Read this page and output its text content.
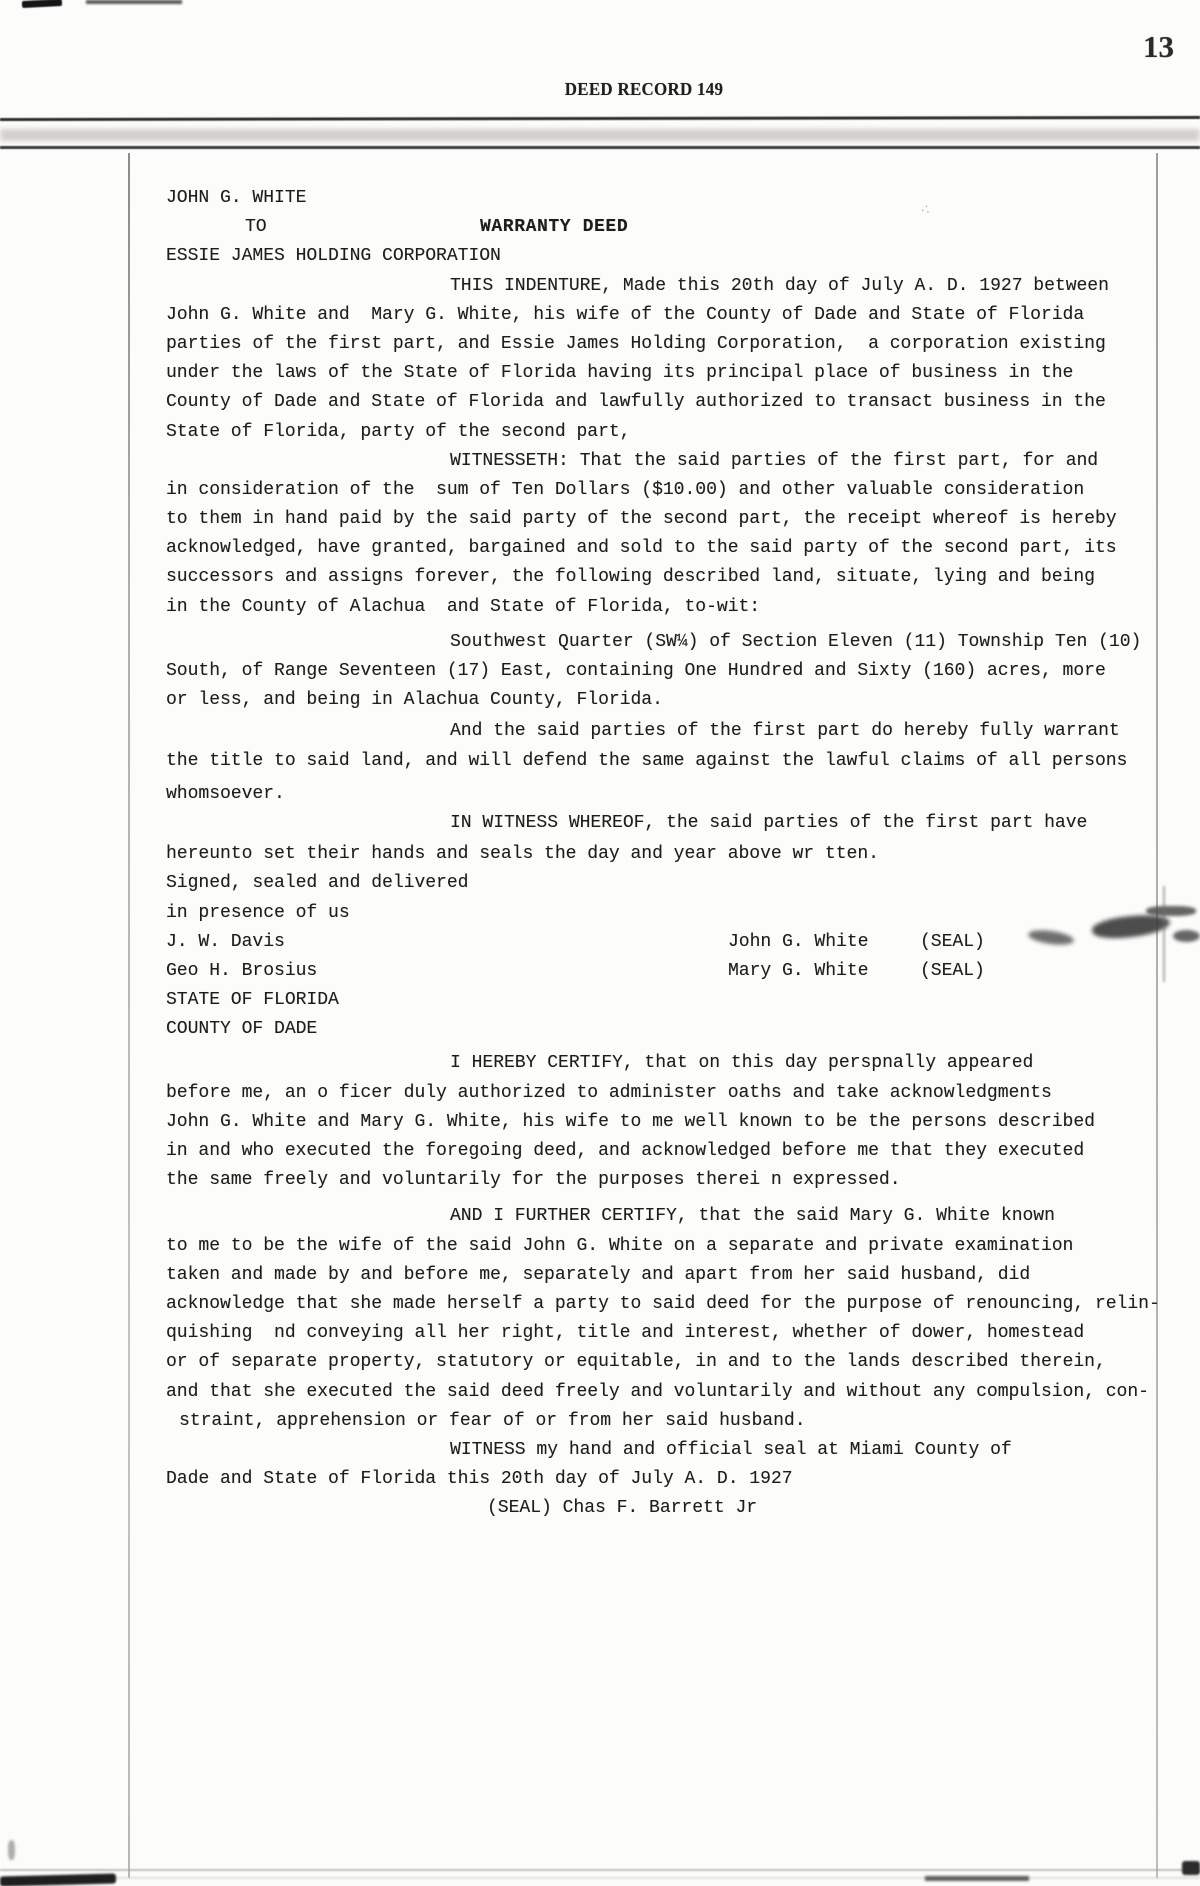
13
DEED RECORD 149
∴
JOHN G. WHITE
TO	WARRANTY DEED
ESSIE JAMES HOLDING CORPORATION
THIS INDENTURE, Made this 20th day of July A. D. 1927 between
John G. White and  Mary G. White, his wife of the County of Dade and State of Florida
parties of the first part, and Essie James Holding Corporation,  a corporation existing
under the laws of the State of Florida having its principal place of business in the
County of Dade and State of Florida and lawfully authorized to transact business in the
State of Florida, party of the second part,
WITNESSETH: That the said parties of the first part, for and
in consideration of the  sum of Ten Dollars ($10.00) and other valuable consideration
to them in hand paid by the said party of the second part, the receipt whereof is hereby
acknowledged, have granted, bargained and sold to the said party of the second part, its
successors and assigns forever, the following described land, situate, lying and being
in the County of Alachua  and State of Florida, to-wit:
Southwest Quarter (SW¼) of Section Eleven (11) Township Ten (10)
South, of Range Seventeen (17) East, containing One Hundred and Sixty (160) acres, more
or less, and being in Alachua County, Florida.
And the said parties of the first part do hereby fully warrant
the title to said land, and will defend the same against the lawful claims of all persons
whomsoever.
IN WITNESS WHEREOF, the said parties of the first part have
hereunto set their hands and seals the day and year above wr tten.
Signed, sealed and delivered
in presence of us
J. W. Davis	John G. White	(SEAL)
Geo H. Brosius	Mary G. White	(SEAL)
STATE OF FLORIDA
COUNTY OF DADE
I HEREBY CERTIFY, that on this day perspnally appeared
before me, an o ficer duly authorized to administer oaths and take acknowledgments
John G. White and Mary G. White, his wife to me well known to be the persons described
in and who executed the foregoing deed, and acknowledged before me that they executed
the same freely and voluntarily for the purposes therei n expressed.
AND I FURTHER CERTIFY, that the said Mary G. White known
to me to be the wife of the said John G. White on a separate and private examination
taken and made by and before me, separately and apart from her said husband, did
acknowledge that she made herself a party to said deed for the purpose of renouncing, relin-
quishing  nd conveying all her right, title and interest, whether of dower, homestead
or of separate property, statutory or equitable, in and to the lands described therein,
and that she executed the said deed freely and voluntarily and without any compulsion, con-
straint, apprehension or fear of or from her said husband.
WITNESS my hand and official seal at Miami County of
Dade and State of Florida this 20th day of July A. D. 1927
(SEAL) Chas F. Barrett Jr
